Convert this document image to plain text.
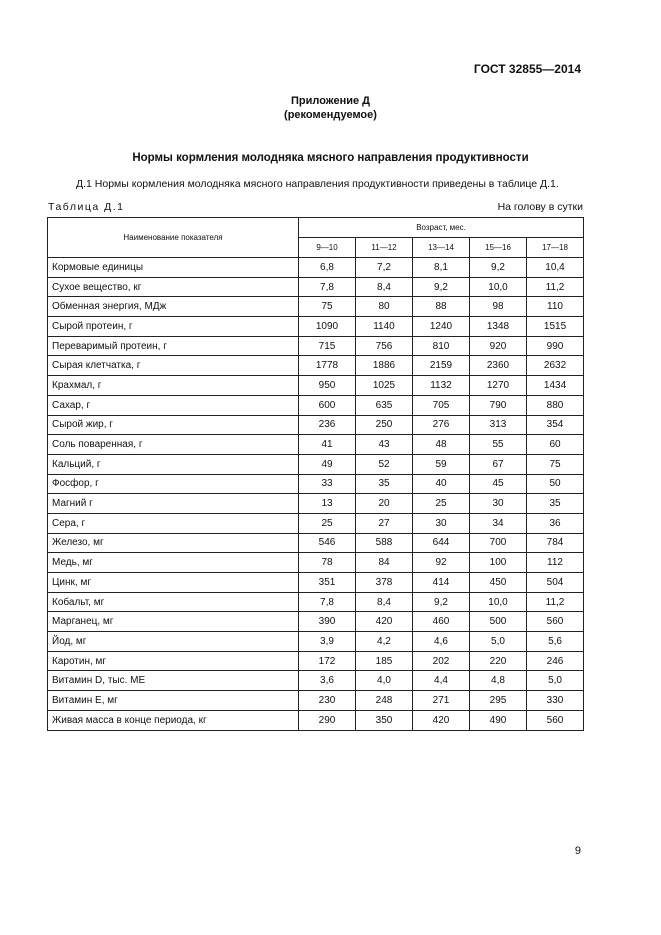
ГОСТ 32855—2014
Приложение Д
(рекомендуемое)
Нормы кормления молодняка мясного направления продуктивности
Д.1 Нормы кормления молодняка мясного направления продуктивности приведены в таблице Д.1.
Таблица Д.1	На голову в сутки
Наименование показателя	Возраст, мес.				
	9—10	11—12	13—14	15—16	17—18
Кормовые единицы	6,8	7,2	8,1	9,2	10,4
Сухое вещество, кг	7,8	8,4	9,2	10,0	11,2
Обменная энергия, МДж	75	80	88	98	110
Сырой протеин, г	1090	1140	1240	1348	1515
Переваримый протеин, г	715	756	810	920	990
Сырая клетчатка, г	1778	1886	2159	2360	2632
Крахмал, г	950	1025	1132	1270	1434
Сахар, г	600	635	705	790	880
Сырой жир, г	236	250	276	313	354
Соль поваренная, г	41	43	48	55	60
Кальций, г	49	52	59	67	75
Фосфор, г	33	35	40	45	50
Магний г	13	20	25	30	35
Сера, г	25	27	30	34	36
Железо, мг	546	588	644	700	784
Медь, мг	78	84	92	100	112
Цинк, мг	351	378	414	450	504
Кобальт, мг	7,8	8,4	9,2	10,0	11,2
Марганец, мг	390	420	460	500	560
Йод, мг	3,9	4,2	4,6	5,0	5,6
Каротин, мг	172	185	202	220	246
Витамин D, тыс. МЕ	3,6	4,0	4,4	4,8	5,0
Витамин Е, мг	230	248	271	295	330
Живая масса в конце периода, кг	290	350	420	490	560
9
